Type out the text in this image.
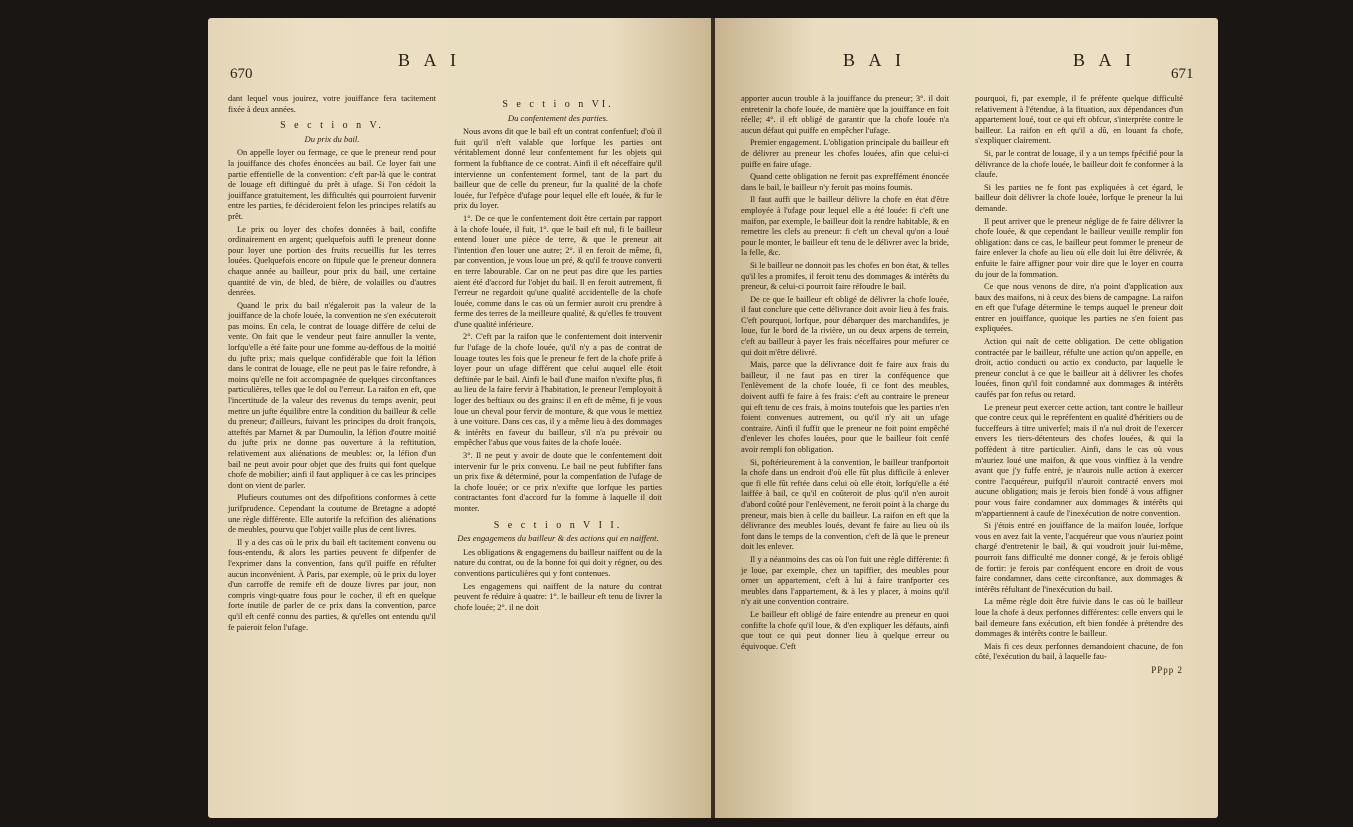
670
B A I

dant lequel vous jouirez, votre jouiffance fera tacitement fixée à deux années.

S e c t i o n V.
Du prix du bail.

On appelle loyer ou fermage, ce que le preneur rend pour la jouiffance des chofes énoncées au bail. Ce loyer fait une partie effentielle de la convention: c'eft par-là que le contrat de louage eft diftingué du prêt à ufage. Si l'on cédoit la jouiffance gratuitement, les difficultés qui pourroient furvenir entre les parties, fe décideroient felon les principes relatifs au prêt.

Le prix ou loyer des chofes données à bail, confifte ordinairement en argent; quelquefois auffi le preneur donne pour loyer une portion des fruits recueillis fur les terres louées. Quelquefois encore on ftipule que le preneur donnera chaque année au bailleur, pour prix du bail, une certaine quantité de vin, de bled, de bière, de volailles ou d'autres denrées.

Quand le prix du bail n'égaleroit pas la valeur de la jouiffance de la chofe louée, la convention ne s'en exécuteroit pas moins. En cela, le contrat de louage diffère de celui de vente. On fait que le vendeur peut faire annuller la vente, lorfqu'elle a été faite pour une fomme au-deffous de la moitié du jufte prix; mais quelque confidérable que foit la léfion dans le contrat de louage, elle ne peut pas le faire refondre, à moins qu'elle ne foit accompagnée de quelques circonftances particulières, telles que le dol ou l'erreur. La raifon en eft, que l'incertitude de la valeur des revenus du temps avenir, peut mettre un jufte équilibre entre la condition du bailleur & celle du preneur; d'ailleurs, fuivant les principes du droit françois, atteftés par Marnet & par Dumoulin, la léfion d'outre moitié du jufte prix ne donne pas ouverture à la reftitution, relativement aux aliénations de meubles: or, la léfion d'un bail ne peut avoir pour objet que des fruits qui font quelque chofe de mobilier; ainfi il faut appliquer à ce cas les principes dont on vient de parler.

Plufieurs coutumes ont des difpofitions conformes à cette jurifprudence. Cependant la coutume de Bretagne a adopté une règle différente. Elle autorife la refcifion des aliénations de meubles, pourvu que l'objet vaille plus de cent livres.

Il y a des cas où le prix du bail eft tacitement convenu ou fous-entendu, & alors les parties peuvent fe difpenfer de l'exprimer dans la convention, fans qu'il puiffe en réfulter aucun inconvénient. À Paris, par exemple, où le prix du loyer d'un carroffe de remife eft de douze livres par jour, non compris vingt-quatre fous pour le cocher, il eft en quelque forte inutile de parler de ce prix dans la convention, parce qu'il eft cenfé connu des parties, & qu'elles ont entendu qu'il fe paieroit felon l'ufage.

S e c t i o n VI.
Du confentement des parties.

Nous avons dit que le bail eft un contrat confenfuel; d'où il fuit qu'il n'eft valable que lorfque les parties ont véritablement donné leur confentement fur les objets qui forment la fubftance de ce contrat. Ainfi il eft néceffaire qu'il intervienne un confentement formel, tant de la part du bailleur que de celle du preneur, fur la qualité de la chofe louée, fur l'efpèce d'ufage pour lequel elle eft louée, & fur le prix du loyer.

1°. De ce que le confentement doit être certain par rapport à la chofe louée, il fuit, 1°. que le bail eft nul, fi le bailleur entend louer une pièce de terre, & que le preneur ait l'intention d'en louer une autre; 2°. il en feroit de même, fi, par convention, je vous loue un pré, & qu'il fe trouve converti en terre labourable. Car on ne peut pas dire que les parties aient été d'accord fur l'objet du bail. Il en feroit autrement, fi l'erreur ne regardoit qu'une qualité accidentelle de la chofe louée, comme dans le cas où un fermier auroit cru prendre à ferme des terres de la meilleure qualité, & qu'elles fe trouvent d'une qualité inférieure.

2°. C'eft par la raifon que le confentement doit intervenir fur l'ufage de la chofe louée, qu'il n'y a pas de contrat de louage toutes les fois que le preneur fe fert de la chofe prife à loyer pour un ufage différent que celui auquel elle étoit deftinée par le bail. Ainfi le bail d'une maifon n'exifte plus, fi au lieu de la faire fervir à l'habitation, le preneur l'employoit à loger des beftiaux ou des grains: il en eft de même, fi je vous loue un cheval pour fervir de monture, & que vous le mettiez à une voiture. Dans ces cas, il y a même lieu à des dommages & intérêts en faveur du bailleur, s'il n'a pu prévoir ou empêcher l'abus que vous faites de la chofe louée.

3°. Il ne peut y avoir de doute que le confentement doit intervenir fur le prix convenu. Le bail ne peut fubfifter fans un prix fixe & déterminé, pour la compenfation de l'ufage de la chofe louée; or ce prix n'exifte que lorfque les parties contractantes font d'accord fur la fomme à laquelle il doit monter.

S e c t i o n V I I.
Des engagemens du bailleur & des actions qui en naiffent.

Les obligations & engagemens du bailleur naiffent ou de la nature du contrat, ou de la bonne foi qui doit y régner, ou des conventions particulières qui y font contenues.

Les engagemens qui naiffent de la nature du contrat peuvent fe réduire à quatre: 1°. le bailleur eft tenu de livrer la chofe louée; 2°. il ne doit

B A I	B A I
671

apporter aucun trouble à la jouiffance du preneur; 3°. il doit entretenir la chofe louée, de manière que la jouiffance en foit réelle; 4°. il eft obligé de garantir que la chofe louée n'a aucun défaut qui puiffe en empêcher l'ufage.

Premier engagement. L'obligation principale du bailleur eft de délivrer au preneur les chofes louées, afin que celui-ci puiffe en faire ufage.

Quand cette obligation ne feroit pas expreffément énoncée dans le bail, le bailleur n'y feroit pas moins foumis.

Il faut auffi que le bailleur délivre la chofe en état d'être employée à l'ufage pour lequel elle a été louée: fi c'eft une maifon, par exemple, le bailleur doit la rendre habitable, & en remettre les clefs au preneur: fi c'eft un cheval qu'on a loué pour le monter, le bailleur eft tenu de le délivrer avec la bride, la felle, &c.

Si le bailleur ne donnoit pas les chofes en bon état, & telles qu'il les a promifes, il feroit tenu des dommages & intérêts du preneur, & celui-ci pourroit faire réfoudre le bail.

De ce que le bailleur eft obligé de délivrer la chofe louée, il faut conclure que cette délivrance doit avoir lieu à fes frais. C'eft pourquoi, lorfque, pour débarquer des marchandifes, je loue, fur le bord de la rivière, un ou deux arpens de terrein, c'eft au bailleur à payer les frais néceffaires pour mefurer ce qui doit m'être délivré.

Mais, parce que la délivrance doit fe faire aux frais du bailleur, il ne faut pas en tirer la conféquence que l'enlèvement de la chofe louée, fi ce font des meubles, doivent auffi fe faire à fes frais: c'eft au contraire le preneur qui eft tenu de ces frais, à moins toutefois que les parties n'en foient convenues autrement, ou qu'il n'y ait un ufage contraire. Ainfi il fuffit que le preneur ne foit point empêché d'enlever les chofes louées, pour que le bailleur foit cenfé avoir rempli fon obligation.

Si, poftérieurement à la convention, le bailleur tranfportoit la chofe dans un endroit d'où elle fût plus difficile à enlever que fi elle fût reftée dans celui où elle étoit, lorfqu'elle a été laiffée à bail, ce qu'il en coûteroit de plus qu'il n'en auroit d'abord coûté pour l'enlèvement, ne feroit point à la charge du preneur, mais bien à celle du bailleur. La raifon en eft que la délivrance des meubles loués, devant fe faire au lieu où ils font dans le temps de la convention, c'eft de là que le preneur doit les enlever.

Il y a néanmoins des cas où l'on fuit une règle différente: fi je loue, par exemple, chez un tapiffier, des meubles pour orner un appartement, c'eft à lui à faire tranfporter ces meubles dans l'appartement, & à les y placer, à moins qu'il n'y ait une convention contraire.

Le bailleur eft obligé de faire entendre au preneur en quoi confifte la chofe qu'il loue, & d'en expliquer les défauts, ainfi que tout ce qui peut donner lieu à quelque erreur ou équivoque. C'eft

pourquoi, fi, par exemple, il fe préfente quelque difficulté relativement à l'étendue, à la fituation, aux dépendances d'un appartement loué, tout ce qui eft obfcur, s'interprète contre le bailleur. La raifon en eft qu'il a dû, en louant fa chofe, s'expliquer clairement.

Si, par le contrat de louage, il y a un temps fpécifié pour la délivrance de la chofe louée, le bailleur doit fe conformer à la claufe.

Si les parties ne fe font pas expliquées à cet égard, le bailleur doit délivrer la chofe louée, lorfque le preneur la lui demande.

Il peut arriver que le preneur néglige de fe faire délivrer la chofe louée, & que cependant le bailleur veuille remplir fon obligation: dans ce cas, le bailleur peut fommer le preneur de faire enlever la chofe au lieu où elle doit lui être délivrée, & enfuite le faire affigner pour voir dire que le loyer en courra du jour de la fommation.

Ce que nous venons de dire, n'a point d'application aux baux des maifons, ni à ceux des biens de campagne. La raifon en eft que l'ufage détermine le temps auquel le preneur doit entrer en jouiffance, quoique les parties ne s'en foient pas expliquées.

Action qui naît de cette obligation. De cette obligation contractée par le bailleur, réfulte une action qu'on appelle, en droit, actio conducti ou actio ex conducto, par laquelle le preneur conclut à ce que le bailleur ait à délivrer les chofes louées, finon qu'il foit condamné aux dommages & intérêts caufés par fon refus ou retard.

Le preneur peut exercer cette action, tant contre le bailleur que contre ceux qui le repréfentent en qualité d'héritiers ou de fucceffeurs à titre univerfel; mais il n'a nul droit de l'exercer envers les tiers-détenteurs des chofes louées, & qui la poffèdent à titre particulier. Ainfi, dans le cas où vous m'auriez loué une maifon, & que vous vinffiez à la vendre avant que j'y fuffe entré, je n'aurois nulle action à exercer contre l'acquéreur, puifqu'il n'auroit contracté envers moi aucune obligation; mais je ferois bien fondé à vous affigner pour vous faire condamner aux dommages & intérêts qui m'appartiennent à caufe de l'inexécution de notre convention.

Si j'étois entré en jouiffance de la maifon louée, lorfque vous en avez fait la vente, l'acquéreur que vous n'auriez point chargé d'entretenir le bail, & qui voudroit jouir lui-même, pourroit fans difficulté me donner congé, & je ferois obligé de fortir: je ferois par conféquent encore en droit de vous faire condamner, dans cette circonftance, aux dommages & intérêts réfultant de l'inexécution du bail.

La même règle doit être fuivie dans le cas où le bailleur loue la chofe à deux perfonnes différentes: celle envers qui le bail demeure fans exécution, eft bien fondée à prétendre des dommages & intérêts contre le bailleur.

Mais fi ces deux perfonnes demandoient chacune, de fon côté, l'exécution du bail, à laquelle fau-

PPpp 2
